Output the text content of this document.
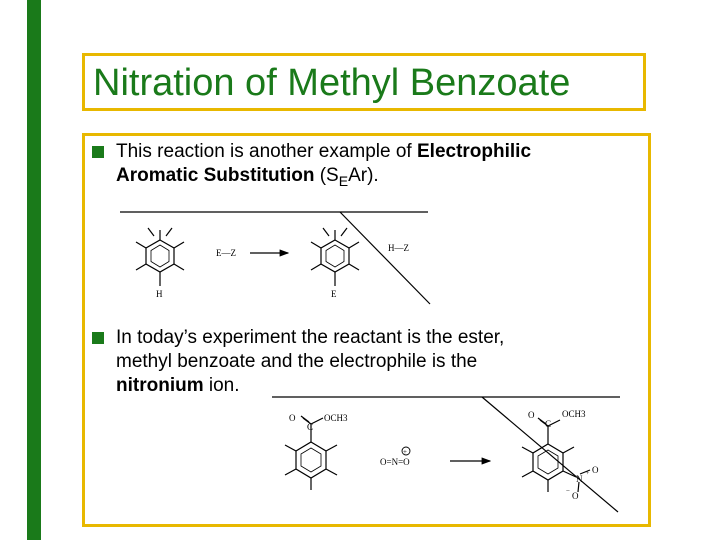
Nitration of Methyl Benzoate
This reaction is another example of Electrophilic
Aromatic Substitution $(S_EAr)$.
In today’s experiment the reactant is the ester,
methyl benzoate and the electrophile is the
nitronium ion.
H
E—Z
E
H—Z
O
C
OCH3
O=N=O
+
O
C
OCH3
N + O
O
−
